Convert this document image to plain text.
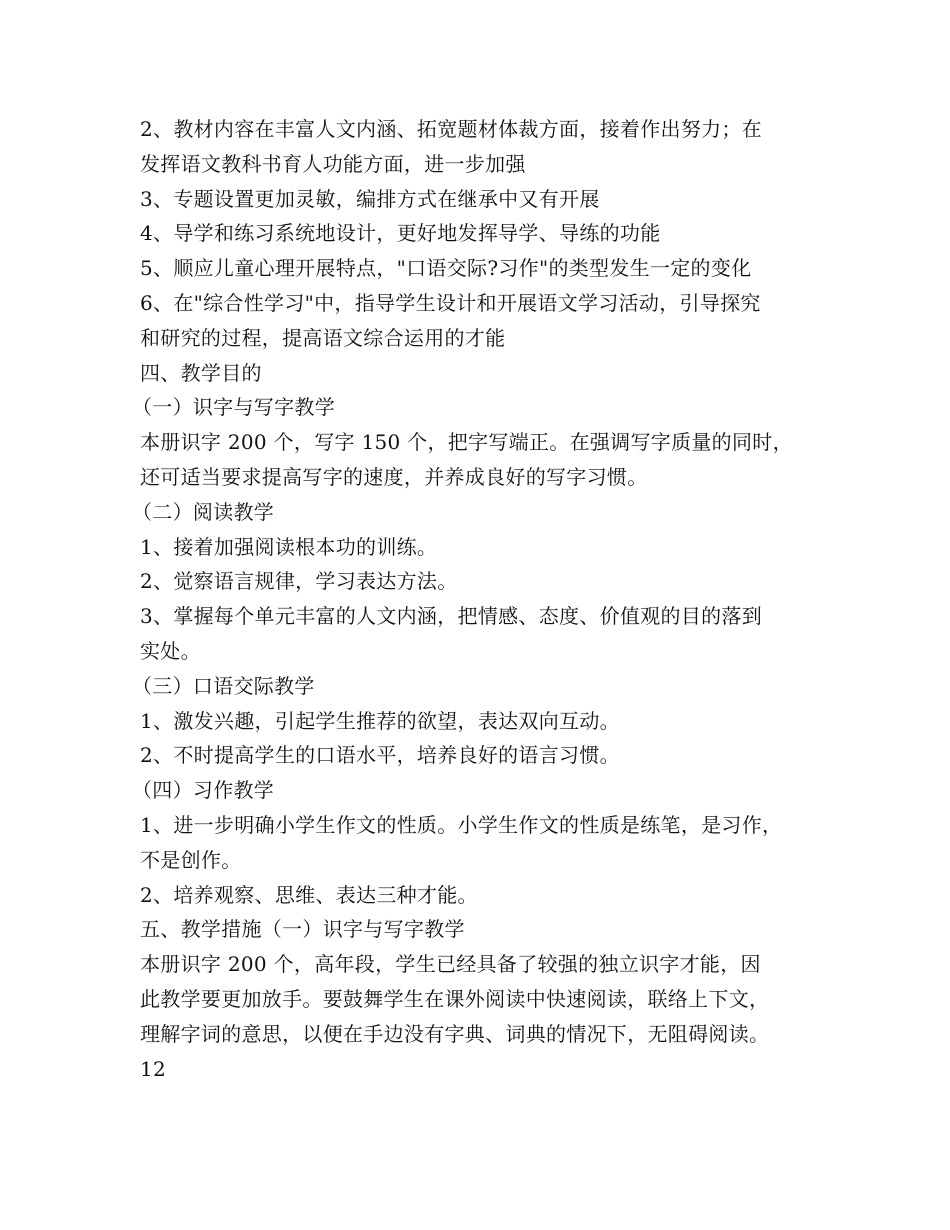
2、教材内容在丰富人文内涵、拓宽题材体裁方面，接着作出努力；在

发挥语文教科书育人功能方面，进一步加强

3、专题设置更加灵敏，编排方式在继承中又有开展

4、导学和练习系统地设计，更好地发挥导学、导练的功能

5、顺应儿童心理开展特点，"口语交际?习作"的类型发生一定的变化

6、在"综合性学习"中，指导学生设计和开展语文学习活动，引导探究

和研究的过程，提高语文综合运用的才能

四、教学目的

（一）识字与写字教学

本册识字 200 个，写字 150 个，把字写端正。在强调写字质量的同时，

还可适当要求提高写字的速度，并养成良好的写字习惯。

（二）阅读教学

1、接着加强阅读根本功的训练。

2、觉察语言规律，学习表达方法。

3、掌握每个单元丰富的人文内涵，把情感、态度、价值观的目的落到

实处。

（三）口语交际教学

1、激发兴趣，引起学生推荐的欲望，表达双向互动。

2、不时提高学生的口语水平，培养良好的语言习惯。

（四）习作教学

1、进一步明确小学生作文的性质。小学生作文的性质是练笔，是习作，

不是创作。

2、培养观察、思维、表达三种才能。

五、教学措施（一）识字与写字教学

本册识字 200 个，高年段，学生已经具备了较强的独立识字才能，因

此教学要更加放手。要鼓舞学生在课外阅读中快速阅读，联络上下文，

理解字词的意思，以便在手边没有字典、词典的情况下，无阻碍阅读。

12
